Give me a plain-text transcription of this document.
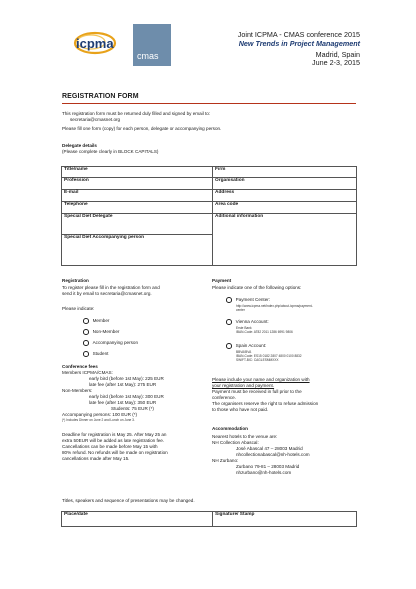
icpma
cmas
Joint ICPMA - CMAS conference 2015
New Trends in Project Management
Madrid, Spain
June 2-3, 2015
REGISTRATION FORM
This registration form must be returned duly filled and signed by email to:
secretaria@cmasnet.org
Please fill one form (copy) for each person, delegate or accompanying person.
Delegate details
(Please complete clearly in BLOCK CAPITALS)
Title/name	Firm
Profession	Organisation
E-mail	Address
Telephone	Area code
Special Diet Delegate	Aditional information
Special Diet Accompanying person	
Registration
To register please fill in the registration form and
send it by email to secretaria@cmasnet.org.
Please indicate:
Member
Non-Member
Accompanying person
Student
Conference fees
Members ICPMA/CMAS:
early bird (before 1st May): 225 EUR
late fee (after 1st May): 275 EUR
Non-Members:
early bird (before 1st May): 300 EUR
late fee (after 1st May): 350 EUR
Students: 75 EUR (*)
Accompanying persons: 100 EUR (*)
(*) Includes Dinner on June 2 and Lunch on June 3.
Deadline for registration is May 25. After May 25 an
extra 50EUR will be added as late registration fee.
Cancellations can be made before May 15 with
80% refund. No refunds will be made on registration
cancellations made after May 15.
Payment
Please indicate one of the following options:
Payment Center:
http://www.icpma.net/index.php/about-icpma/payment-
center
Vienna Account:
Erste Bank
IBAN-Code: AT82 2011 1286 6991 9806
Spain Account:
BBVA/BVA
IBAN-Code: ES15 0182 2807 4800 0100 8832
SWIFT-BIC: CAGLESMMXXX
Please include your name and organization with
your registration and payment.
Payment must be received in full prior to the
conference.
The organisers reserve the right to refuse admission
to those who have not paid.
Accommodation
Nearest hotels to the venue are:
NH Collection Abascal:
José Abascal 47 – 28003 Madrid
nhcollectionabascal@nh-hotels.com
NH Zurbano:
Zurbano 79-81 – 28003 Madrid
nhzurbano@nh-hotels.com
Titles, speakers and sequence of presentations may be changed.
Place/date	Signature/ Stamp
